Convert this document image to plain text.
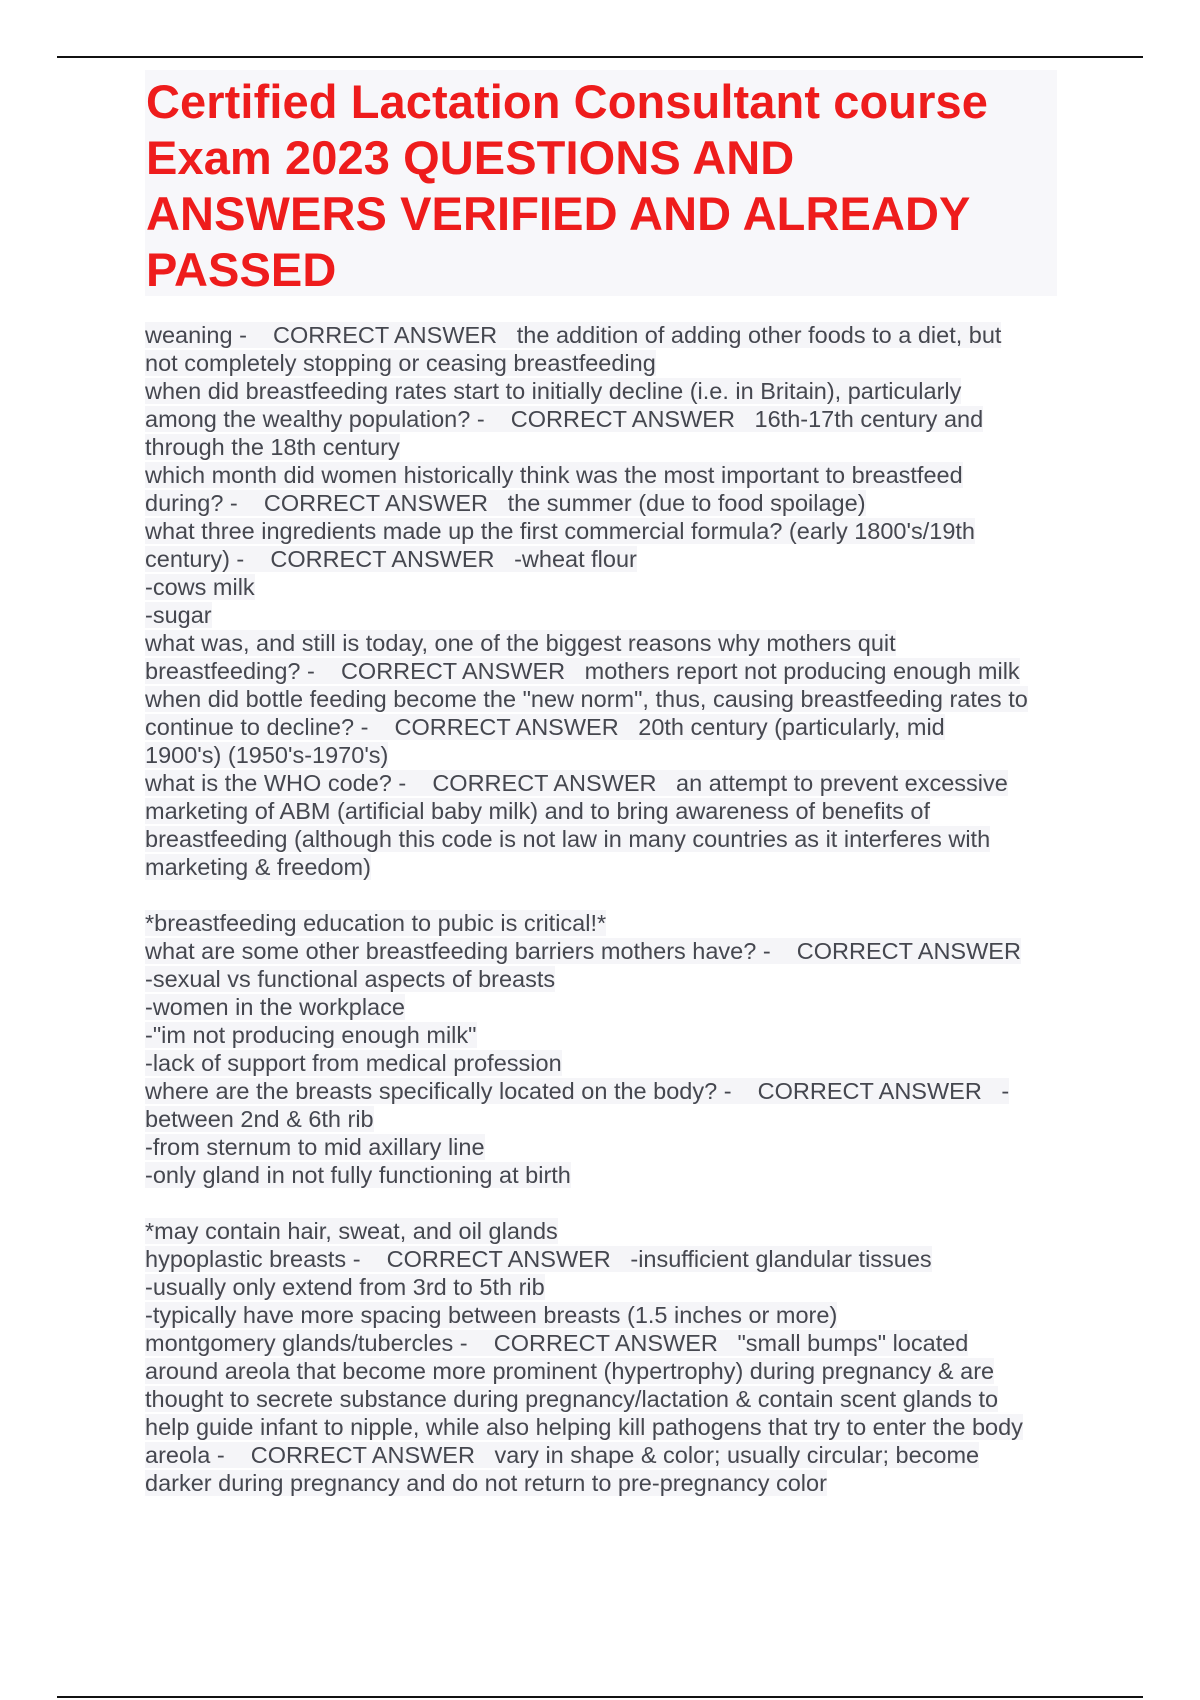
Certified Lactation Consultant course
Exam 2023 QUESTIONS AND
ANSWERS VERIFIED AND ALREADY
PASSED
weaning -    CORRECT ANSWER   the addition of adding other foods to a diet, but
not completely stopping or ceasing breastfeeding
when did breastfeeding rates start to initially decline (i.e. in Britain), particularly
among the wealthy population? -    CORRECT ANSWER   16th-17th century and
through the 18th century
which month did women historically think was the most important to breastfeed
during? -    CORRECT ANSWER   the summer (due to food spoilage)
what three ingredients made up the first commercial formula? (early 1800's/19th
century) -    CORRECT ANSWER   -wheat flour
-cows milk
-sugar
what was, and still is today, one of the biggest reasons why mothers quit
breastfeeding? -    CORRECT ANSWER   mothers report not producing enough milk
when did bottle feeding become the "new norm", thus, causing breastfeeding rates to
continue to decline? -    CORRECT ANSWER   20th century (particularly, mid
1900's) (1950's-1970's)
what is the WHO code? -    CORRECT ANSWER   an attempt to prevent excessive
marketing of ABM (artificial baby milk) and to bring awareness of benefits of
breastfeeding (although this code is not law in many countries as it interferes with
marketing & freedom)
*breastfeeding education to pubic is critical!*
what are some other breastfeeding barriers mothers have? -    CORRECT ANSWER
-sexual vs functional aspects of breasts
-women in the workplace
-"im not producing enough milk"
-lack of support from medical profession
where are the breasts specifically located on the body? -    CORRECT ANSWER   -
between 2nd & 6th rib
-from sternum to mid axillary line
-only gland in not fully functioning at birth
*may contain hair, sweat, and oil glands
hypoplastic breasts -    CORRECT ANSWER   -insufficient glandular tissues
-usually only extend from 3rd to 5th rib
-typically have more spacing between breasts (1.5 inches or more)
montgomery glands/tubercles -    CORRECT ANSWER   "small bumps" located
around areola that become more prominent (hypertrophy) during pregnancy & are
thought to secrete substance during pregnancy/lactation & contain scent glands to
help guide infant to nipple, while also helping kill pathogens that try to enter the body
areola -    CORRECT ANSWER   vary in shape & color; usually circular; become
darker during pregnancy and do not return to pre-pregnancy color
